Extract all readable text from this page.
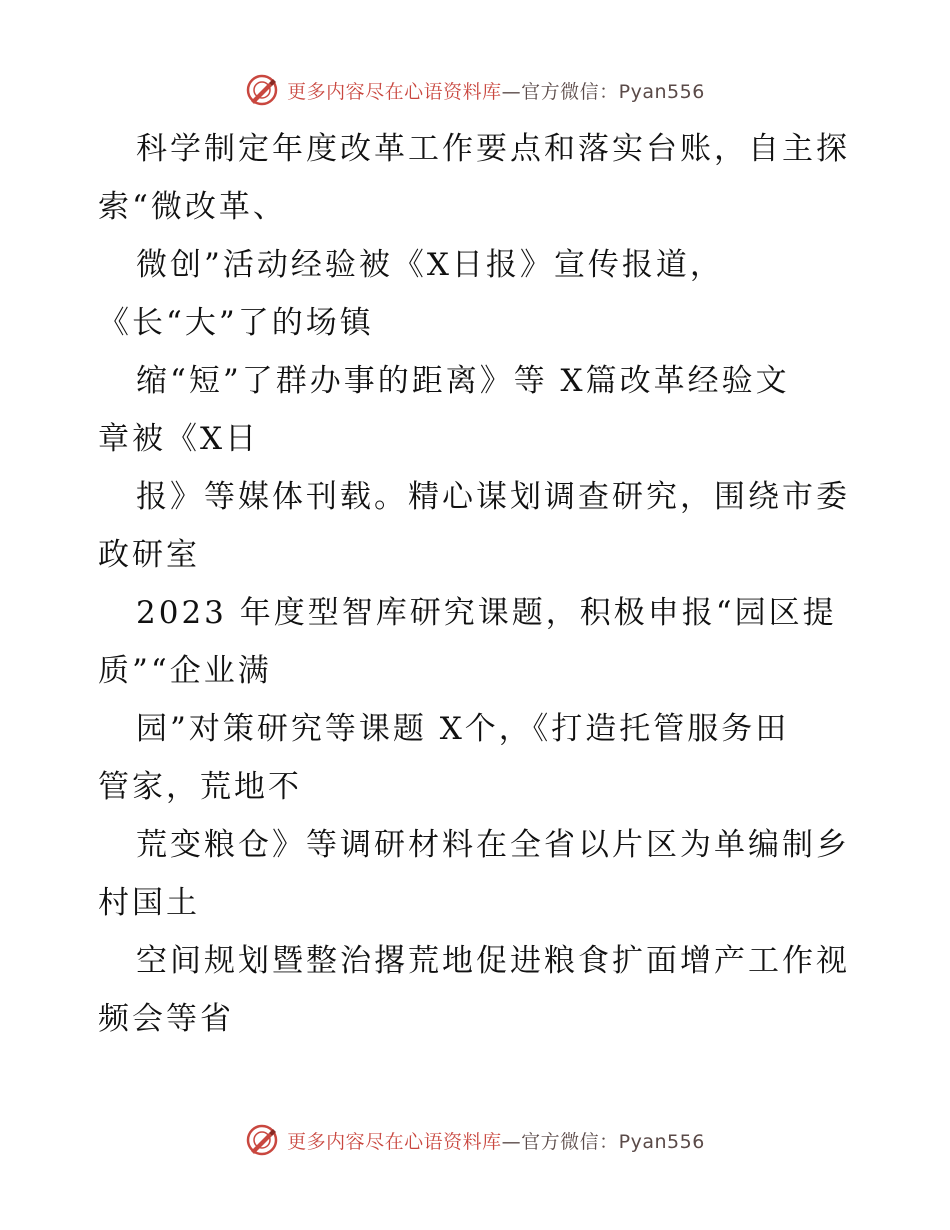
更多内容尽在心语资料库—官方微信：Pyan556
科学制定年度改革工作要点和落实台账，自主探
索“微改革、
微创”活动经验被《X日报》宣传报道，
《长“大”了的场镇
缩“短”了群办事的距离》等 X篇改革经验文
章被《X日
报》等媒体刊载。精心谋划调查研究，围绕市委
政研室
2023 年度型智库研究课题，积极申报“园区提
质”“企业满
园”对策研究等课题 X个，《打造托管服务田
管家，荒地不
荒变粮仓》等调研材料在全省以片区为单编制乡
村国土
空间规划暨整治撂荒地促进粮食扩面增产工作视
频会等省
更多内容尽在心语资料库—官方微信：Pyan556
